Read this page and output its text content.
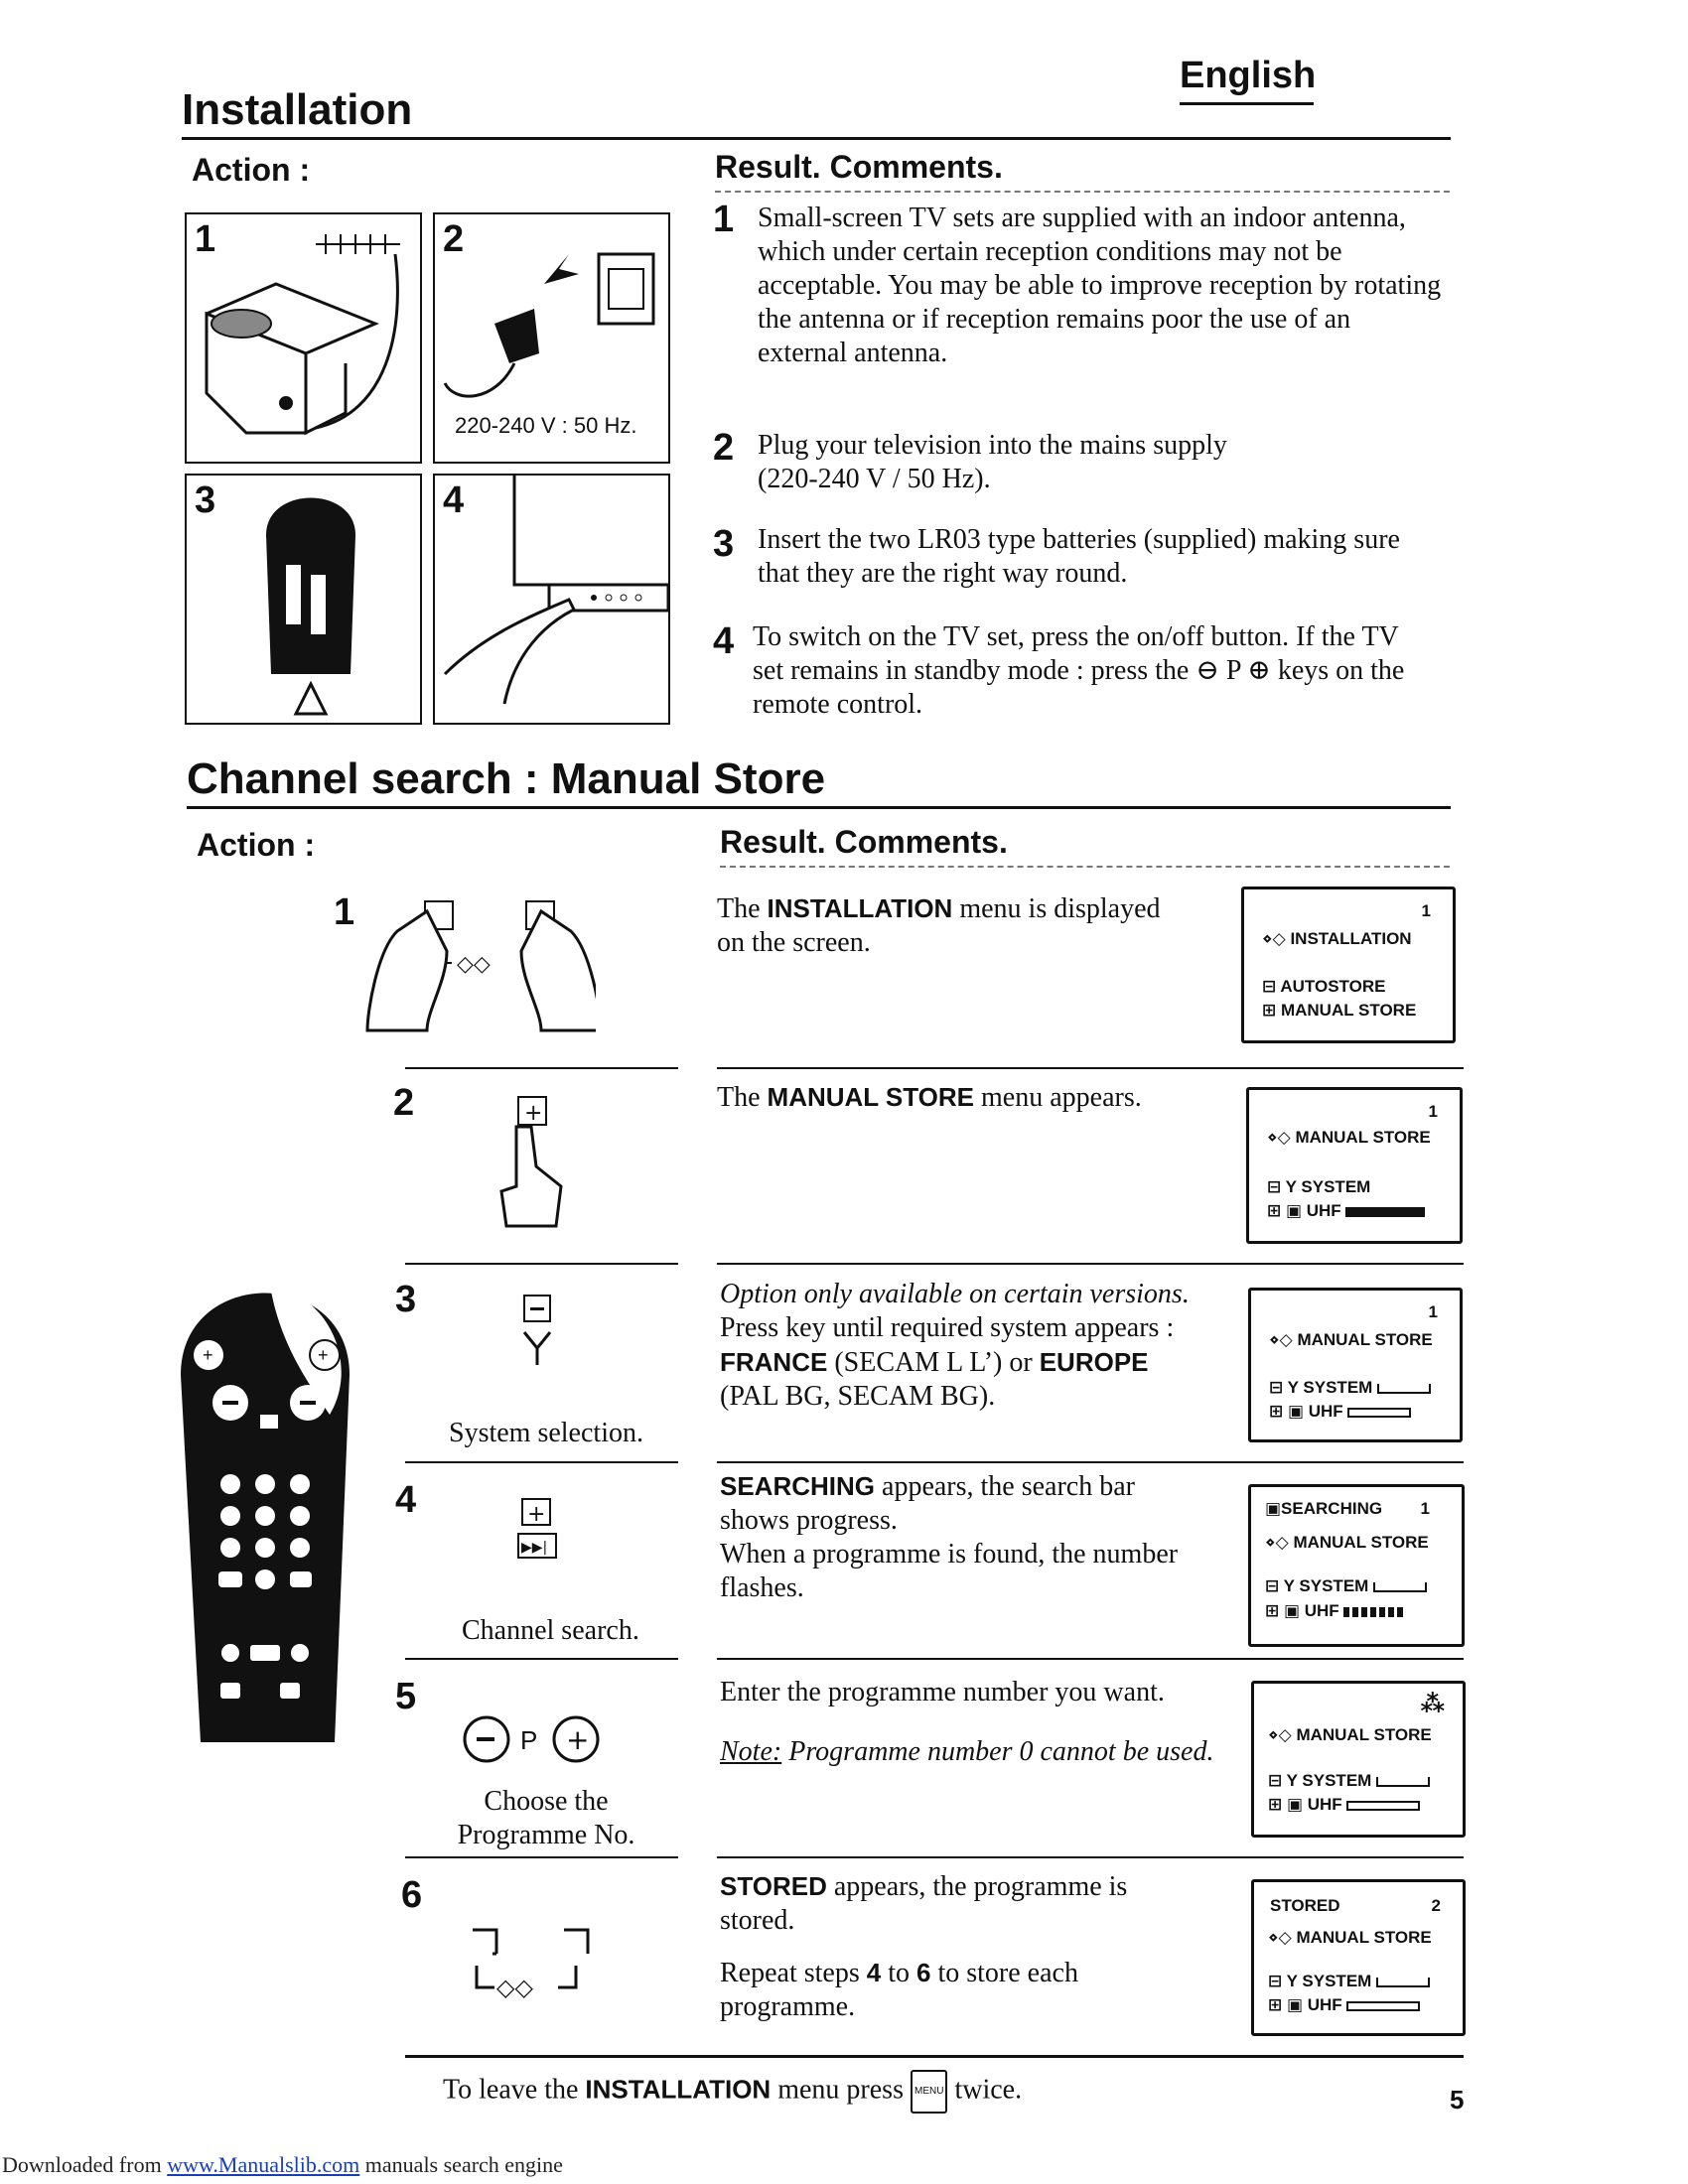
English
Installation
Action :	Result. Comments.
1	2
220-240 V : 50 Hz.
3	4
1 Small-screen TV sets are supplied with an indoor antenna,
which under certain reception conditions may not be
acceptable. You may be able to improve reception by rotating
the antenna or if reception remains poor the use of an
external antenna.
2 Plug your television into the mains supply
(220-240 V / 50 Hz).
3 Insert the two LR03 type batteries (supplied) making sure
that they are the right way round.
4 To switch on the TV set, press the on/off button. If the TV
set remains in standby mode : press the ⊖ P ⊕ keys on the
remote control.
Channel search : Manual Store
Action :	Result. Comments.
+	+
1
◇◇
The INSTALLATION menu is displayed
on the screen.
1
⋄◇ INSTALLATION
⊟ AUTOSTORE
⊞ MANUAL STORE
2	+
The MANUAL STORE menu appears.	1
⋄◇ MANUAL STORE
⊟ Y SYSTEM
⊞ ▣ UHF
3
System selection.
Option only available on certain versions.
Press key until required system appears :
FRANCE (SECAM L L’) or EUROPE
(PAL BG, SECAM BG).
1
⋄◇ MANUAL STORE
⊟ Y SYSTEM
⊞ ▣ UHF
4	+
▶▶|
Channel search.
SEARCHING appears, the search bar
shows progress.
When a programme is found, the number
flashes.
▣SEARCHING 1
⋄◇ MANUAL STORE
⊟ Y SYSTEM
⊞ ▣ UHF
5
P +
Choose the
Programme No.
Enter the programme number you want.
Note: Programme number 0 cannot be used.
⁂
⋄◇ MANUAL STORE
⊟ Y SYSTEM
⊞ ▣ UHF
6
◇◇
STORED appears, the programme is
stored.
Repeat steps 4 to 6 to store each
programme.
STORED	2
⋄◇ MANUAL STORE
⊟ Y SYSTEM
⊞ ▣ UHF
To leave the INSTALLATION menu press MENU twice.	5
Downloaded from www.Manualslib.com manuals search engine
